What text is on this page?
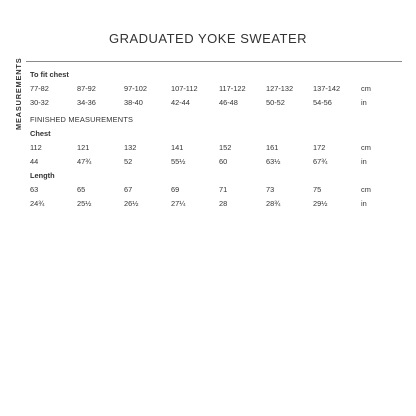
GRADUATED YOKE SWEATER
MEASUREMENTS To fit chest
77-82	87-92	97-102	107-112	117-122	127-132	137-142	cm
30-32	34-36	38-40	42-44	46-48	50-52	54-56	in
FINISHED MEASUREMENTS
Chest
112	121	132	141	152	161	172	cm
44	47¾	52	55½	60	63½	67¾	in
Length
63	65	67	69	71	73	75	cm
24¾	25½	26½	27¼	28	28¾	29½	in
